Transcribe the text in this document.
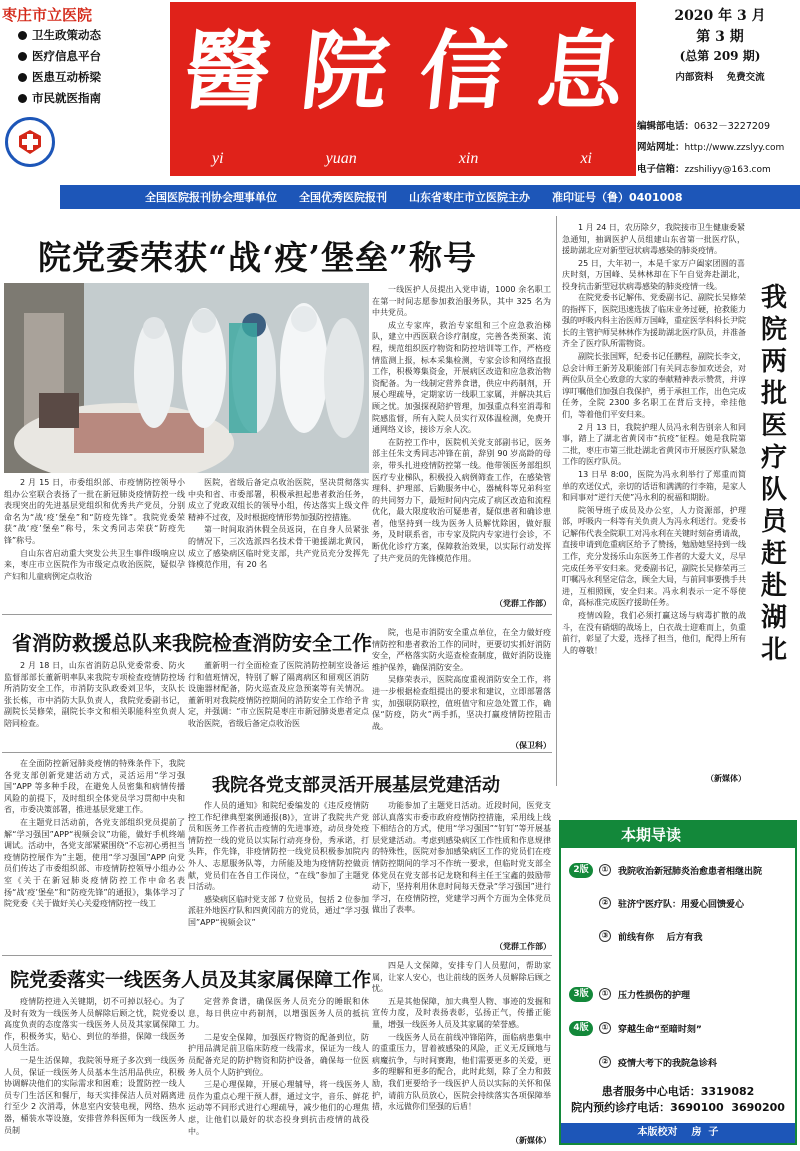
枣庄市立医院
卫生政策动态
医疗信息平台
医患互动桥梁
市民就医指南 醫 院 信 息
yi	yuan	xin	xi
2020 年 3 月
第 3 期
(总第 209 期)
内部资料    免费交流
编辑部电话：0632－3227209
网站网址：http://www.zzslyy.com
电子信箱：zzshiliyy@163.com
全国医院报刊协会理事单位 全国优秀医院报刊 山东省枣庄市立医院主办 准印证号（鲁）0401008
院党委荣获“战‘疫’堡垒”称号

2 月 15 日，市委组织部、市疫情防控领导小组办公室联合表扬了一批在新冠肺炎疫情防控一线表现突出的先进基层党组织和优秀共产党员，分别命名为“战‘疫’堡垒”和“防疫先锋”。我院党委荣获“战‘疫’堡垒”称号，朱文秀同志荣获“防疫先锋”称号。

自山东省启动重大突发公共卫生事件Ⅰ级响应以来，枣庄市立医院作为市级定点收治医院，疑似孕产妇和儿童病例定点收治

医院，省级后备定点收治医院，坚决贯彻落实中央和省、市委部署，积极承担起患者救治任务，成立了党政双组长的领导小组，传达落实上级文件精神不过夜，及时根据疫情形势加强防控措施。

第一时间取消休假全员返岗，在自身人员紧张的情况下，三次选派四名技术骨干驰援湖北黄冈，成立了感染病区临时党支部，共产党员充分发挥先锋模范作用，有 20 名

一线医护人员提出入党申请，1000 余名职工在第一时间志愿参加救治服务队，其中 325 名为中共党员。

成立专家库，救治专家组和三个应急救治梯队，建立中西医联合诊疗制度，完善各类预案、流程，规范组织医疗物资和防控培训等工作，严格疫情监测上报，标本采集检测，专家会诊和网络直报工作，积极筹集资金，开展病区改造和应急救治物资配备。为一线制定营养食谱，供应中药制剂，开展心理疏导，定期家访一线职工家属，并解决其后顾之忧。加强探视陪护管理，加强重点科室消毒和院感监督，所有入院人员实行双体温检测，免费开通网络义诊，接诊万余人次。

在防控工作中，医院机关党支部副书记，医务部主任朱文秀同志冲锋在前，辞别 90 岁高龄的母亲，带头扎进疫情防控第一线。他带领医务部组织医疗专业梯队，积极投入病例筛查工作，在感染管理科、护理部、后勤服务中心，器械科等兄弟科室的共同努力下，最短时间内完成了病区改造和流程优化，最大限度收治可疑患者，疑似患者和确诊患者，他坚持到一线为医务人员解忧除困，做好服务，及时联系省，市专家及院内专家进行会诊，不断优化诊疗方案，保障救治效果，以实际行动发挥了共产党员的先锋模范作用。

（党群工作部）
省消防救援总队来我院检查消防安全工作

2 月 18 日，山东省消防总队党委常委、防火监督部部长董新明率队来我院专项检查疫情防控场所消防安全工作，市消防支队政委刘卫华，支队长张长栋，市中消防大队负责人，我院党委副书记，副院长吴修荣，副院长李文和相关职能科室负责人陪同检查。

董新明一行全面检查了医院消防控制室设备运行和值班情况，特别了解了隔离病区和留观区消防设施器材配备，防火巡查及应急预案等有关情况。董新明对我院疫情防控期间的消防安全工作给予肯定，并强调：“市立医院是枣庄市新冠肺炎患者定点收治医院，省级后备定点收治医

院，也是市消防安全重点单位，在全力做好疫情防控和患者救治工作的同时，更要切实抓好消防安全，严格落实防火巡查检查制度，做好消防设施维护保养，确保消防安全。

吴修荣表示，医院高度重视消防安全工作，将进一步根据检查组提出的要求和建议，立即部署落实，加强联防联控，值班值守和应急处置工作，确保“防疫，防火”两手抓，坚决打赢疫情防控阻击战。

（保卫科）

在全面防控新冠肺炎疫情的特殊条件下，我院各党支部创新党建活动方式，灵活运用“学习强国”APP 等多种手段，在避免人员密集和病情传播风险的前提下，及时组织全体党员学习贯彻中央和省，市委决策部署，推进基层党建工作。

在主题党日活动前，各党支部组织党员提前了解“学习强国”APP“视频会议”功能，做好手机终端调试。活动中，各党支部紧紧围绕“不忘初心勇担当 疫情防控展作为”主题，使用“学习强国”APP 向党员们传达了市委组织部、市疫情防控领导小组办公室《关于在新冠肺炎疫情防控工作中命名表扬“战‘疫’堡垒”和“防疫先锋”的通报》，集体学习了院党委《关于做好关心关爱疫情防控一线工

我院各党支部灵活开展基层党建活动

作人员的通知》和院纪委编发的《违反疫情防控工作纪律典型案例通报(8)》，宣讲了我院共产党员和医务工作者抗击疫情的先进事迹，动员身处疫情防控一线的党员以实际行动亮身份，秀承诺，打头阵，作先锋，非疫情防控一线党员积极参加院内外人、志愿服务队等，力所能及地为疫情防控做贡献，党员们在各自工作岗位，“在线”参加了主题党日活动。

感染病区临时党支部 7 位党员，包括 2 位参加派驻外地医疗队和四黄冈前方的党员，通过“学习强国”APP“视频会议”

功能参加了主题党日活动。近段时间，医党支部认真落实市委市政府疫情防控措施，采用线上线下相结合的方式，使用“学习强国”“钉钉”等开展基层党建活动。考虑到感染病区工作性质和作息规律的特殊性，医院对参加感染病区工作的党员们在疫情防控期间的学习不作统一要求，但临时党支部全体党员在党支部书记龙晓和科主任王宝鑫的鼓励带动下，坚持利用休息时间每天登录“学习强国”进行学习，在疫情防控，党建学习两个方面为全体党员做出了表率。

（党群工作部）
院党委落实一线医务人员及其家属保障工作

疫情防控进入关键期，切不可掉以轻心。为了及时有效为一线医务人员解除后顾之忧，院党委以高度负责的态度落实一线医务人员及其家属保障工作，积极务实，贴心、到位的举措，保障一线医务人员生活。

一是生活保障，我院领导班子多次到一线医务人员，保证一线医务人员基本生活用品供应，积极协调解决他们的实际需求和困难；设置防控一线人员专门生活区和餐厅，每天实排保洁人员对隔离进行至少 2 次消毒，休息室内安装电视，网络、热水器，桶装水等设施，安排营养科医师为一线医务人员制

定营养食谱，确保医务人员充分的睡眠和休息，每日供应中药制剂，以增强医务人员的抵抗力。

二是安全保障，加强医疗物资的配备到位，防护用品满足前卫临床防疫一线需求，保证为一线人员配备充足的防护物资和防护设备，确保每一位医务人员个人防护到位。

三是心理保障，开展心理辅导，将一线医务人员作为重点心理干预人群，通过文字，音乐、鲜花运动等不同形式进行心理疏导，减少他们的心理焦虑，让他们以最好的状态投身到抗击疫情的战役中。

四是人文保障，安排专门人员慰问，帮助家属，让家人安心，也让前线的医务人员解除后顾之忧。

五是其他保障，加大典型人物、事迹的发掘和宣传力度，及时表扬表彰，弘扬正气，传播正能量，增强一线医务人员及其家属的荣誉感。

一线医务人员在前线冲锋陷阵，面临病患集中的重重压力，冒着被感染的风险，正义无反顾地与病魔抗争，与时间赛跑，他们需要更多的关爱，更多的理解和更多的配合，此时此刻，除了全力和鼓励，我们更要给予一线医护人员以实际的关怀和保护，请前方队员放心，医院会持续落实各项保障举措，永远做你们坚强的后盾！

（新媒体）

1 月 24 日，农历除夕，我院接市卫生健康委紧急通知，抽调医护人员组建山东省第一批医疗队，援助湖北应对新型冠状病毒感染的肺炎疫情。

25 日，大年初一，本是千家万户阖家团圆的喜庆时刻，万国峰、吴林林却在下午自觉奔赴湖北，投身抗击新型冠状病毒感染的肺炎疫情一线。

在院党委书记解伟、党委副书记、副院长吴修荣的指挥下，医院迅速选拔了临床业务过硬，抢救能力强的呼吸内科主治医师万国峰，重症医学科科长尹院长的主管护师吴林林作为援助湖北医疗队员，并准备齐全了医疗队所需物资。

副院长张国辉，纪委书记任鹏程，副院长李文，总会计师王新芳及职能部门有关同志参加欢送会，对两位队员全心致意的大家的奉献精神表示赞赏，并谆谆叮嘱他们加强自我保护，勇于承担工作，出色完成任务，全院 2300 多名职工在背后支持，牵挂他们，等着他们平安归来。

2 月 13 日，我院护理人员冯永利告别亲人和同事，踏上了湖北省黄冈市“抗疫”征程。她是我院第二批，枣庄市第三批赴湖北省黄冈市开展医疗队紧急工作的医疗队员。

13 日早 8:00，医院为冯永利举行了郑重而简单的欢送仪式，亲切的话语和满满的行李箱，是家人和同事对“逆行天使”冯永利的祝福和期盼。

院领导班子成员及办公室，人力资源部，护理部，呼吸内一科等有关负责人为冯永利送行。党委书记解伟代表全院职工对冯永利在关键时刻奋勇请战，直接申请到危重病区给予了赞扬，勉励她坚持到一线工作，充分发扬乐山东医务工作者的大爱大义，尽早完成任务平安归来。党委副书记，副院长吴修荣再三叮嘱冯永利坚定信念，顾全大局，与前同事要携手共进，互相照顾，安全归来。冯永利表示一定不辱使命，高标准完成医疗援助任务。

疫情凶险，我们必须打赢这场与病毒扩散的战斗，在没有硝烟的战场上，白衣战士迎难而上，负重前行，彰显了大爱，选择了担当，他们，配得上所有人的尊敬！

（新媒体）
我
院
两
批
医
疗
队
员
赶
赴
湖
北
本期导读
2版	① 我院收治新冠肺炎治愈患者相继出院
② 驻济宁医疗队：用爱心回馈爱心
③ 前线有你    后方有我
3版	① 压力性损伤的护理
4版	① 穿越生命“至暗时刻”
② 疫情大考下的我院急诊科
患者服务中心电话：3319082
院内预约诊疗电话：3690100  3690200
本版校对    房  子
